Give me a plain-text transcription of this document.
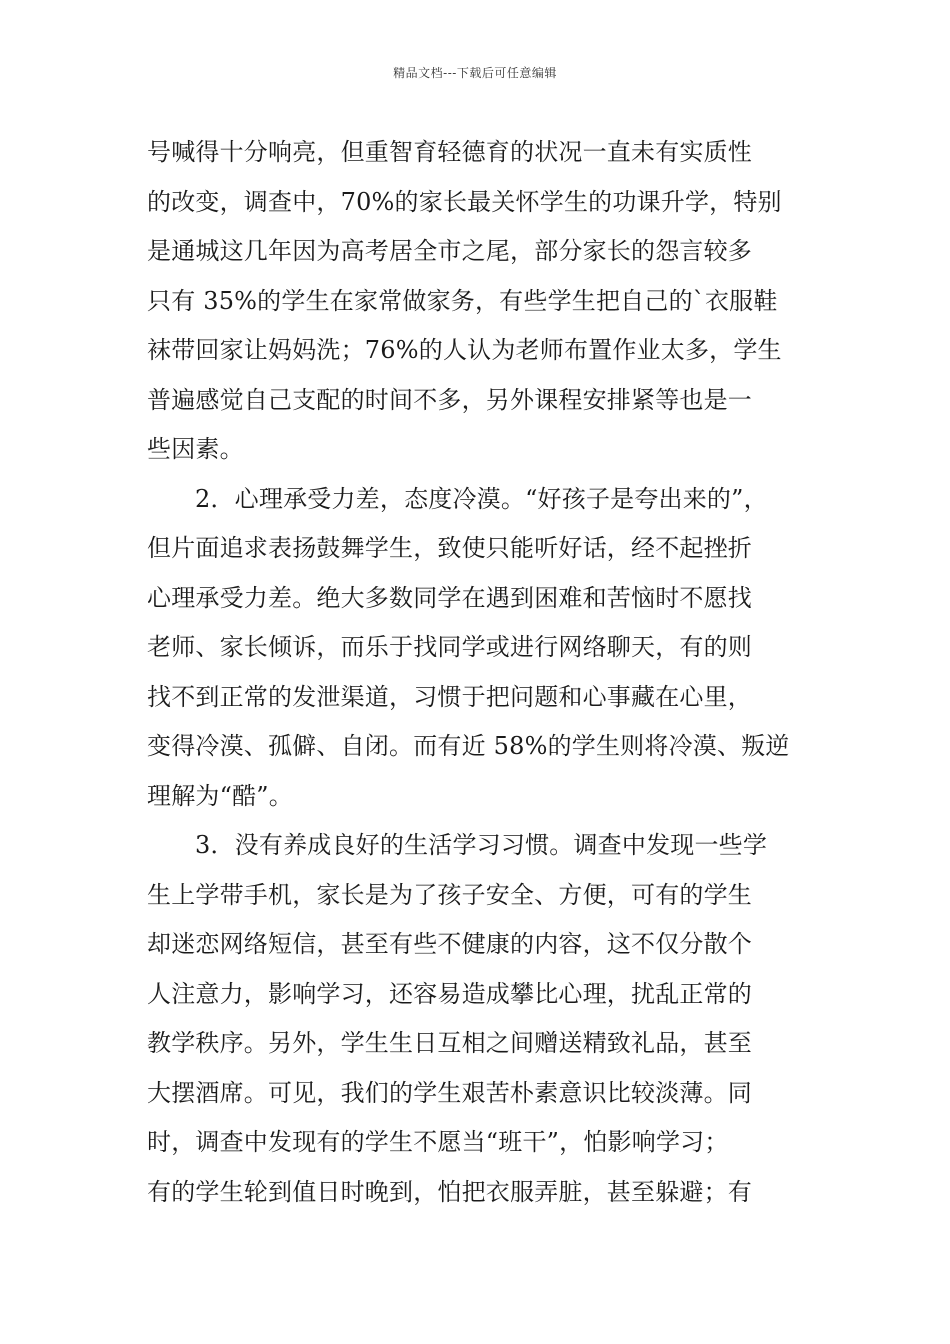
精品文档---下载后可任意编辑
号喊得十分响亮，但重智育轻德育的状况一直未有实质性
的改变，调查中，70%的家长最关怀学生的功课升学，特别
是通城这几年因为高考居全市之尾，部分家长的怨言较多
只有 35%的学生在家常做家务，有些学生把自己的`衣服鞋
袜带回家让妈妈洗；76%的人认为老师布置作业太多，学生
普遍感觉自己支配的时间不多，另外课程安排紧等也是一
些因素。
2．心理承受力差，态度冷漠。“好孩子是夸出来的”，
但片面追求表扬鼓舞学生，致使只能听好话，经不起挫折
心理承受力差。绝大多数同学在遇到困难和苦恼时不愿找
老师、家长倾诉，而乐于找同学或进行网络聊天，有的则
找不到正常的发泄渠道，习惯于把问题和心事藏在心里，
变得冷漠、孤僻、自闭。而有近 58%的学生则将冷漠、叛逆
理解为“酷”。
3．没有养成良好的生活学习习惯。调查中发现一些学
生上学带手机，家长是为了孩子安全、方便，可有的学生
却迷恋网络短信，甚至有些不健康的内容，这不仅分散个
人注意力，影响学习，还容易造成攀比心理，扰乱正常的
教学秩序。另外，学生生日互相之间赠送精致礼品，甚至
大摆酒席。可见，我们的学生艰苦朴素意识比较淡薄。同
时，调查中发现有的学生不愿当“班干”，怕影响学习；
有的学生轮到值日时晚到，怕把衣服弄脏，甚至躲避；有
